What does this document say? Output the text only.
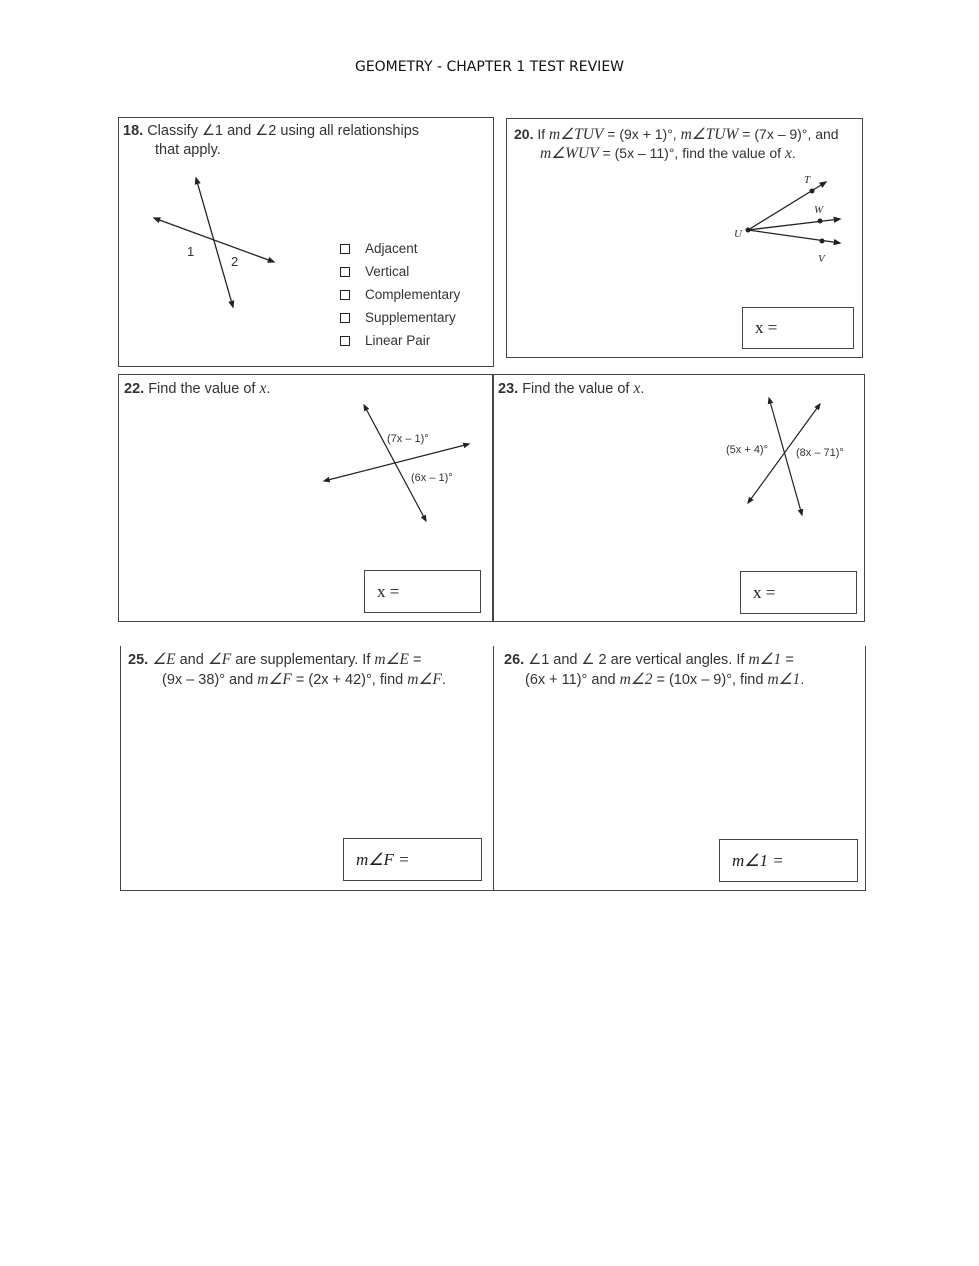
GEOMETRY - CHAPTER 1 TEST REVIEW
18. Classify ∠1 and ∠2 using all relationships
that apply.
1
2
Adjacent
Vertical
Complementary
Supplementary
Linear Pair
20. If m∠TUV = (9x + 1)°, m∠TUW = (7x – 9)°, and
m∠WUV = (5x – 11)°, find the value of x.
T
W
U
V
x =
22. Find the value of x.
(7x – 1)°
(6x – 1)°
x =
23. Find the value of x.
(5x + 4)°	(8x – 71)°
x =
25. ∠E and ∠F are supplementary. If m∠E =
(9x – 38)° and m∠F = (2x + 42)°, find m∠F.
m∠F =
26. ∠1 and ∠ 2 are vertical angles. If m∠1 =
(6x + 11)° and m∠2 = (10x – 9)°, find m∠1.
m∠1 =
